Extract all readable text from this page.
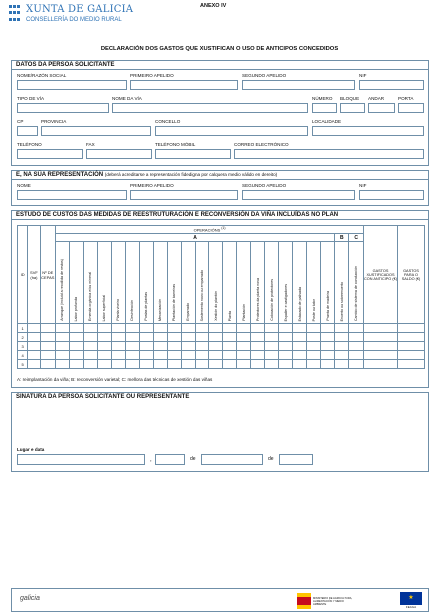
XUNTA DE GALICIA
CONSELLERÍA DO MEDIO RURAL
ANEXO IV
DECLARACIÓN DOS GASTOS QUE XUSTIFICAN O USO DE ANTICIPOS CONCEDIDOS
DATOS DA PERSOA SOLICITANTE
NOME/RAZÓN SOCIAL	PRIMEIRO APELIDO	SEGUNDO APELIDO	NIF
TIPO DE VÍA	NOME DA VÍA	NÚMERO BLOQUE ANDAR	PORTA
CP	PROVINCIA	CONCELLO	LOCALIDADE
TELÉFONO	FAX	TELÉFONO MÓBIL	CORREO ELECTRÓNICO
E, NA SÚA REPRESENTACIÓN (deberá acreditarse a representación fidedigna por calquera medio válido en dereito)
NOME	PRIMEIRO APELIDO	SEGUNDO APELIDO	NIF
ESTUDO DE CUSTOS DAS MEDIDAS DE REESTRUTURACIÓN E RECONVERSIÓN DA VIÑA INCLUÍDAS NO PLAN
ID	SVF (ha)	Nº DE CEPAS	OPERACIÓNS $^{(1)}$																						GASTOS XUSTIFICADOS CON ANTICIPO (€)	GASTOS PARA O SALDO (€)
			A																				B	C		
			Arranque (incluíd a recollida de restos)	Labor profunda	Emenda orgánica e/ou mineral	Labor superficial	Planta viveiro	Desinfección	Postas de plantas	Mecanización	Plantación de barreiras	Emparrado	Sostemento novo ou emparrado	Xestión do plantón	Planta	Plantación	Protectores da planta nova	Colocación de protectores	Espaller e castigadores	Estacado de palisada	Poste ou tutor	Pranta de madeira	Enxerto ou sobreenxerto	Cambio de sistema de conducción		
1																										
2																										
3																										
4																										
5																										
A: reimplantación da viña; B: reconversión varietal; C: mellora das técnicas de xestión das viñas
SINATURA DA PERSOA SOLICITANTE OU REPRESENTANTE
Lugar e data
,	de	de
galicia	MINISTERIO DE AGRICULTURA, ALIMENTACIÓN Y MEDIO AMBIENTE
★
FEAGA
